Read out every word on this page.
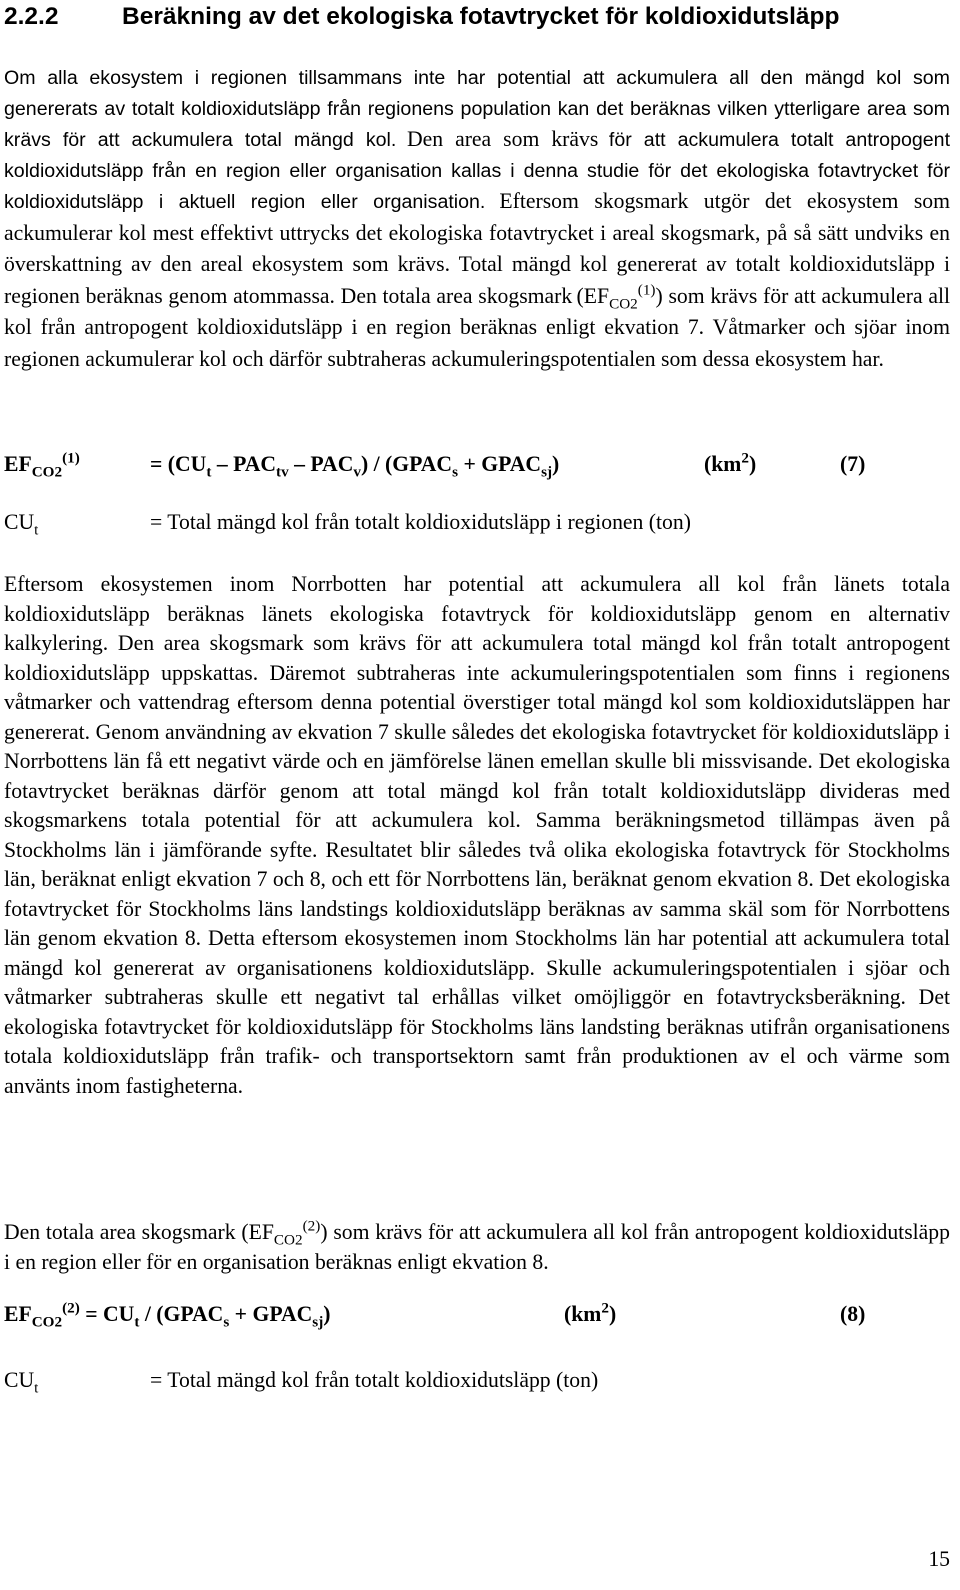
2.2.2	Beräkning av det ekologiska fotavtrycket för koldioxidutsläpp
Om alla ekosystem i regionen tillsammans inte har potential att ackumulera all den mängd kol som genererats av totalt koldioxidutsläpp från regionens population kan det beräknas vilken ytterligare area som krävs för att ackumulera total mängd kol. Den area som krävs för att ackumulera totalt antropogent koldioxidutsläpp från en region eller organisation kallas i denna studie för det ekologiska fotavtrycket för koldioxidutsläpp i aktuell region eller organisation. Eftersom skogsmark utgör det ekosystem som ackumulerar kol mest effektivt uttrycks det ekologiska fotavtrycket i areal skogsmark, på så sätt undviks en överskattning av den areal ekosystem som krävs. Total mängd kol genererat av totalt koldioxidutsläpp i regionen beräknas genom atommassa. Den totala area skogsmark $(EF_{CO2}^{(1)})$ som krävs för att ackumulera all kol från antropogent koldioxidutsläpp i en region beräknas enligt ekvation 7. Våtmarker och sjöar inom regionen ackumulerar kol och därför subtraheras ackumuleringspotentialen som dessa ekosystem har.
$EF_{CO2}^{(1)}$	= $(CU_t - PAC_{tv} - PAC_v)$ / ($GPAC_s$ + $GPAC_{sj}$)	$(km^2)$	(7)
$CU_t$	= Total mängd kol från totalt koldioxidutsläpp i regionen (ton)
Eftersom ekosystemen inom Norrbotten har potential att ackumulera all kol från länets totala koldioxidutsläpp beräknas länets ekologiska fotavtryck för koldioxidutsläpp genom en alternativ kalkylering. Den area skogsmark som krävs för att ackumulera total mängd kol från totalt antropogent koldioxidutsläpp uppskattas. Däremot subtraheras inte ackumuleringspotentialen som finns i regionens våtmarker och vattendrag eftersom denna potential överstiger total mängd kol som koldioxidutsläppen har genererat. Genom användning av ekvation 7 skulle således det ekologiska fotavtrycket för koldioxidutsläpp i Norrbottens län få ett negativt värde och en jämförelse länen emellan skulle bli missvisande. Det ekologiska fotavtrycket beräknas därför genom att total mängd kol från totalt koldioxidutsläpp divideras med skogsmarkens totala potential för att ackumulera kol. Samma beräkningsmetod tillämpas även på Stockholms län i jämförande syfte. Resultatet blir således två olika ekologiska fotavtryck för Stockholms län, beräknat enligt ekvation 7 och 8, och ett för Norrbottens län, beräknat genom ekvation 8. Det ekologiska fotavtrycket för Stockholms läns landstings koldioxidutsläpp beräknas av samma skäl som för Norrbottens län genom ekvation 8. Detta eftersom ekosystemen inom Stockholms län har potential att ackumulera total mängd kol genererat av organisationens koldioxidutsläpp. Skulle ackumuleringspotentialen i sjöar och våtmarker subtraheras skulle ett negativt tal erhållas vilket omöjliggör en fotavtrycksberäkning. Det ekologiska fotavtrycket för koldioxidutsläpp för Stockholms läns landsting beräknas utifrån organisationens totala koldioxidutsläpp från trafik- och transportsektorn samt från produktionen av el och värme som använts inom fastigheterna.
Den totala area skogsmark $(EF_{CO2}^{(2)})$ som krävs för att ackumulera all kol från antropogent koldioxidutsläpp i en region eller för en organisation beräknas enligt ekvation 8.
$EF_{CO2}^{(2)} = CU_t$ / ($GPAC_s$ + $GPAC_{sj}$)	$(km^2)$	(8)
$CU_t$	= Total mängd kol från totalt koldioxidutsläpp (ton)
15
